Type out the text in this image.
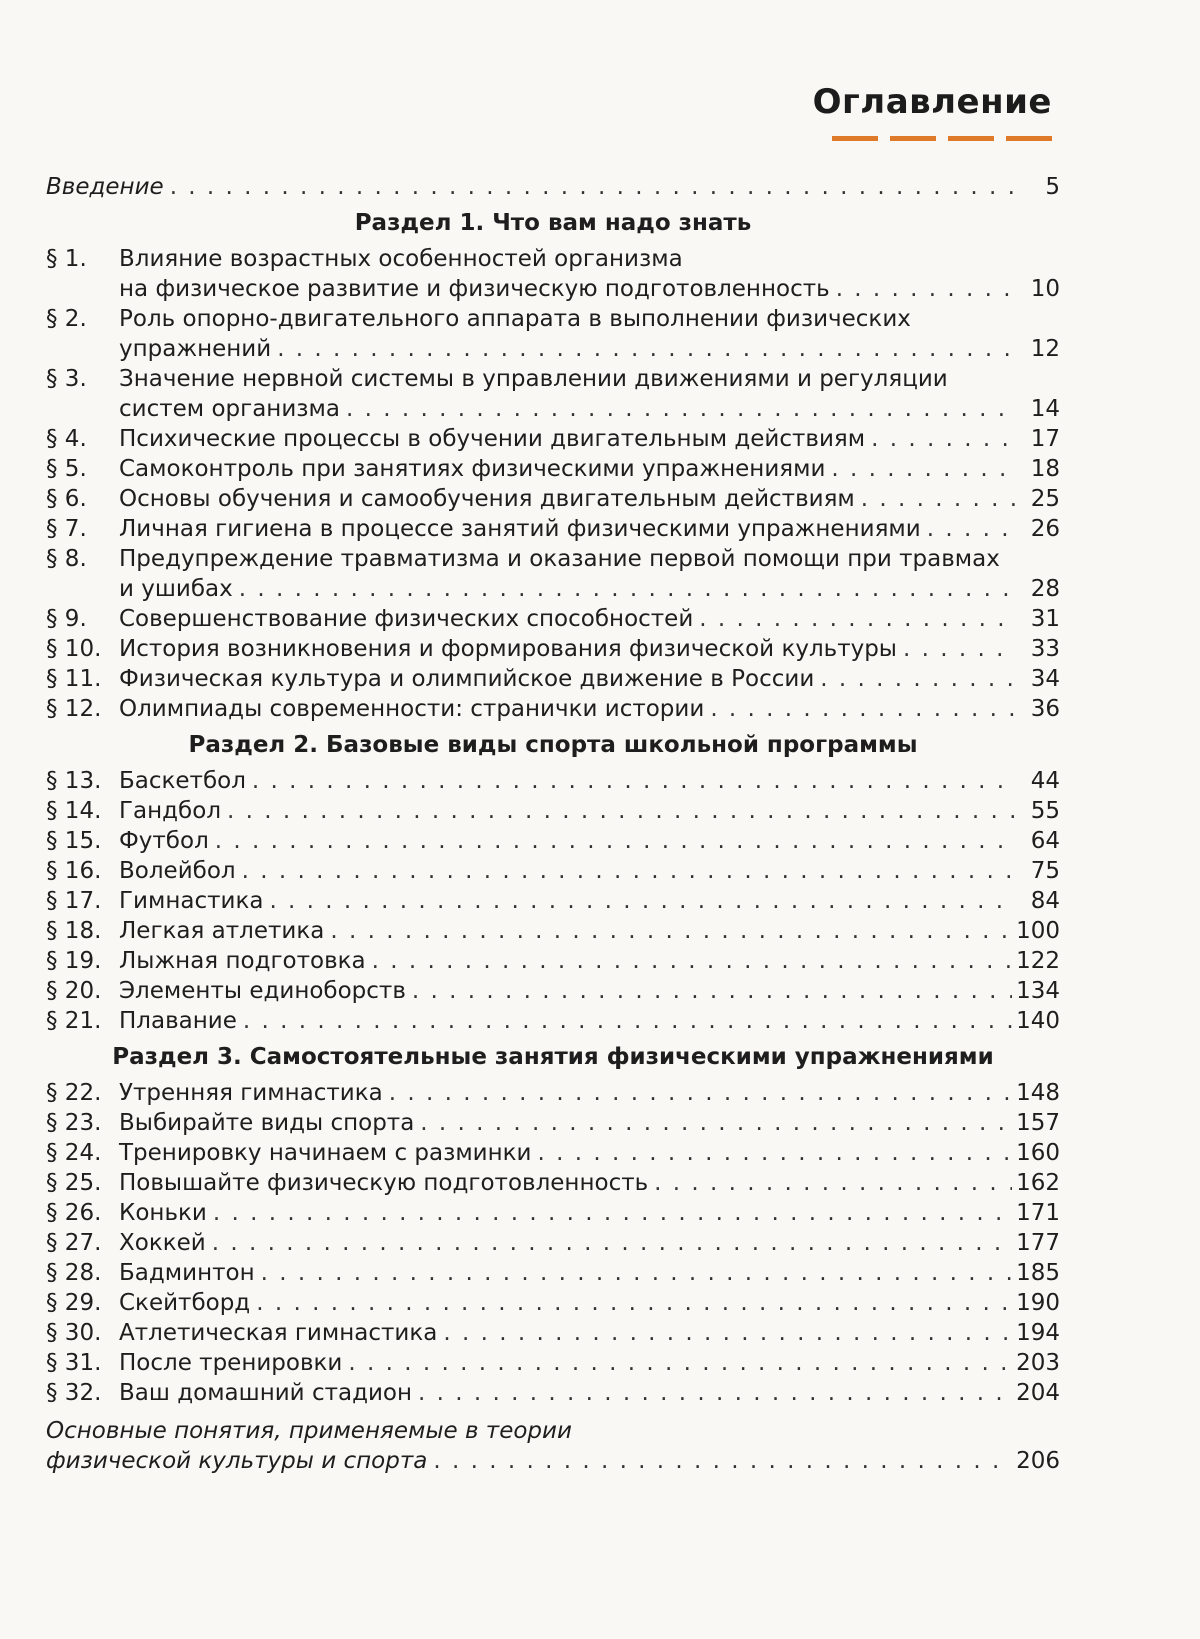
Оглавление
Введение . . .	5
Раздел 1. Что вам надо знать
§ 1.	Влияние возрастных особенностей организма
на физическое развитие и физическую подготовленность . . .	10
§ 2.	Роль опорно-двигательного аппарата в выполнении физических
упражнений . . .	12
§ 3.	Значение нервной системы в управлении движениями и регуляции
систем организма . . .	14
§ 4.	Психические процессы в обучении двигательным действиям . . .	17
§ 5.	Самоконтроль при занятиях физическими упражнениями . . .	18
§ 6.	Основы обучения и самообучения двигательным действиям . . .	25
§ 7.	Личная гигиена в процессе занятий физическими упражнениями . . .	26
§ 8.	Предупреждение травматизма и оказание первой помощи при травмах
и ушибах . . .	28
§ 9.	Совершенствование физических способностей . . .	31
§ 10. История возникновения и формирования физической культуры . . .	33
§ 11. Физическая культура и олимпийское движение в России . . .	34
§ 12. Олимпиады современности: странички истории . . .	36
Раздел 2. Базовые виды спорта школьной программы
§ 13. Баскетбол . . .	44
§ 14. Гандбол . . .	55
§ 15. Футбол . . .	64
§ 16. Волейбол . . .	75
§ 17. Гимнастика . . .	84
§ 18. Легкая атлетика . . .	100
§ 19. Лыжная подготовка . . .	122
§ 20. Элементы единоборств . . .	134
§ 21. Плавание . . .	140
Раздел 3. Самостоятельные занятия физическими упражнениями
§ 22. Утренняя гимнастика . . .	148
§ 23. Выбирайте виды спорта . . .	157
§ 24. Тренировку начинаем с разминки . . .	160
§ 25. Повышайте физическую подготовленность . . .	162
§ 26. Коньки . . .	171
§ 27. Хоккей . . .	177
§ 28. Бадминтон . . .	185
§ 29. Скейтборд . . .	190
§ 30. Атлетическая гимнастика . . .	194
§ 31. После тренировки . . .	203
§ 32. Ваш домашний стадион . . .	204
Основные понятия, применяемые в теории
физической культуры и спорта . . .	206
